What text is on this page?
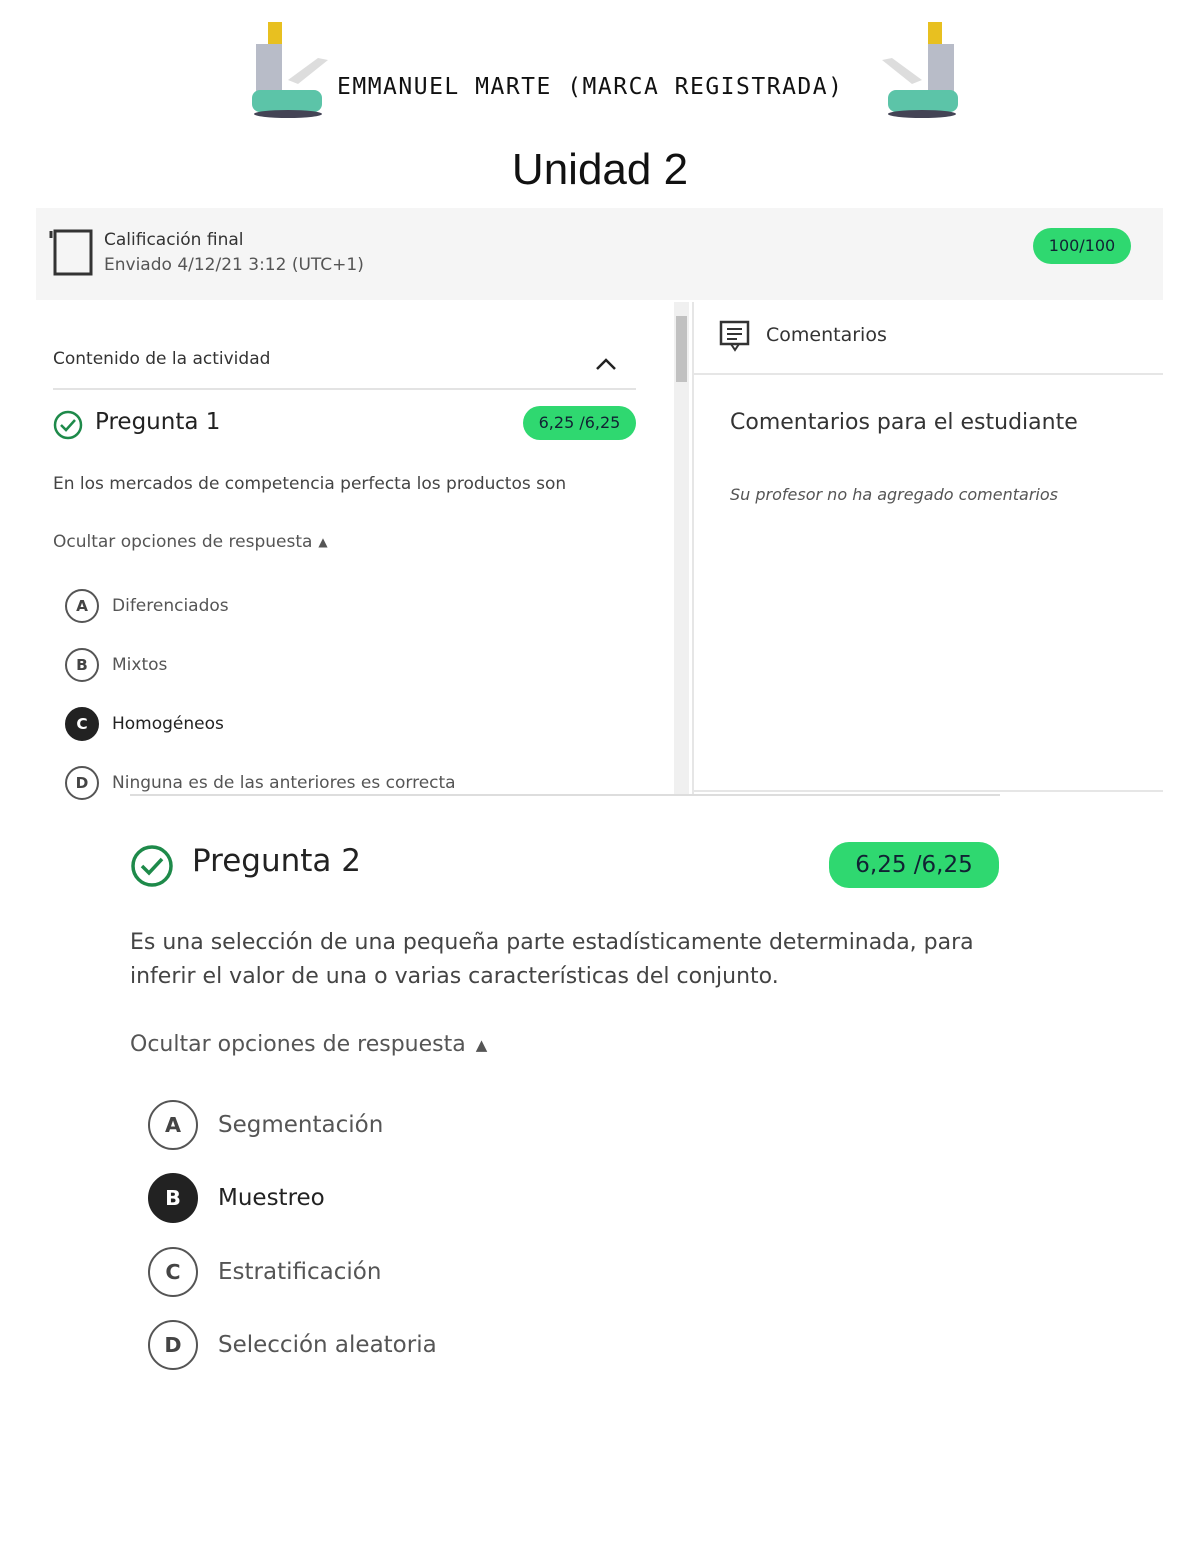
EMMANUEL MARTE (MARCA REGISTRADA)
Unidad 2
Calificación final
Enviado 4/12/21 3:12 (UTC+1)
100/100
Contenido de la actividad
Pregunta 1	6,25 /6,25
En los mercados de competencia perfecta los productos son
Ocultar opciones de respuesta ▲
A	Diferenciados
B	Mixtos
C	Homogéneos
D	Ninguna es de las anteriores es correcta
Comentarios
Comentarios para el estudiante
Su profesor no ha agregado comentarios
Pregunta 2	6,25 /6,25
Es una selección de una pequeña parte estadísticamente determinada, para inferir el valor de una o varias características del conjunto.
Ocultar opciones de respuesta ▲
A	Segmentación
B	Muestreo
C	Estratificación
D	Selección aleatoria
